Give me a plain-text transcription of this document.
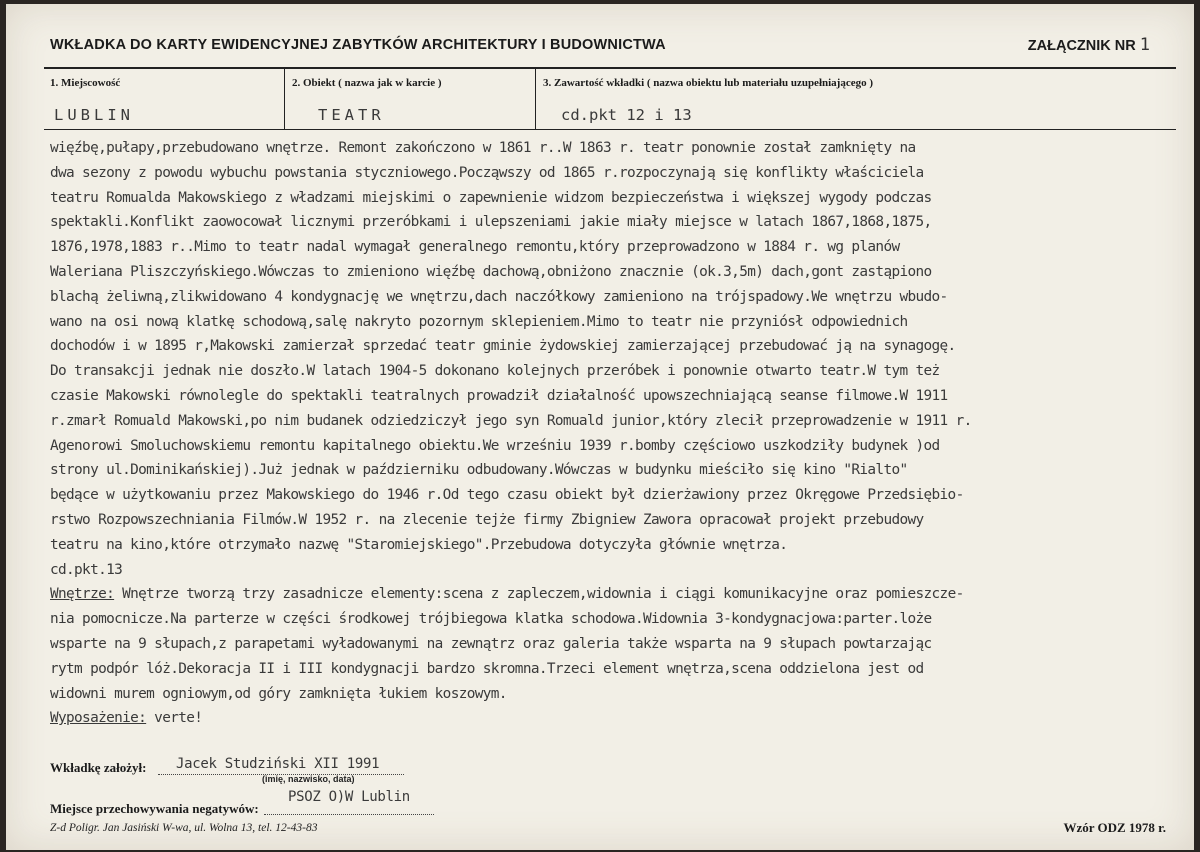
WKŁADKA DO KARTY EWIDENCYJNEJ ZABYTKÓW ARCHITEKTURY I BUDOWNICTWA	ZAŁĄCZNIK NR 1
1. Miejscowość	2. Obiekt ( nazwa jak w karcie )	3. Zawartość wkładki ( nazwa obiektu lub materiału uzupełniającego )
LUBLIN	TEATR	cd.pkt 12 i 13
więźbę,pułapy,przebudowano wnętrze. Remont zakończono w 1861 r..W 1863 r. teatr ponownie został zamknięty na
dwa sezony z powodu wybuchu powstania styczniowego.Począwszy od 1865 r.rozpoczynają się konflikty właściciela
teatru Romualda Makowskiego z władzami miejskimi o zapewnienie widzom bezpieczeństwa i większej wygody podczas
spektakli.Konflikt zaowocował licznymi przeróbkami i ulepszeniami jakie miały miejsce w latach 1867,1868,1875,
1876,1978,1883 r..Mimo to teatr nadal wymagał generalnego remontu,który przeprowadzono w 1884 r. wg planów
Waleriana Pliszczyńskiego.Wówczas to zmieniono więźbę dachową,obniżono znacznie (ok.3,5m) dach,gont zastąpiono
blachą żeliwną,zlikwidowano 4 kondygnację we wnętrzu,dach naczółkowy zamieniono na trójspadowy.We wnętrzu wbudo-
wano na osi nową klatkę schodową,salę nakryto pozornym sklepieniem.Mimo to teatr nie przyniósł odpowiednich
dochodów i w 1895 r,Makowski zamierzał sprzedać teatr gminie żydowskiej zamierzającej przebudować ją na synagogę.
Do transakcji jednak nie doszło.W latach 1904-5 dokonano kolejnych przeróbek i ponownie otwarto teatr.W tym też
czasie Makowski równolegle do spektakli teatralnych prowadził działalność upowszechniającą seanse filmowe.W 1911
r.zmarł Romuald Makowski,po nim budanek odziedziczył jego syn Romuald junior,który zlecił przeprowadzenie w 1911 r.
Agenorowi Smoluchowskiemu remontu kapitalnego obiektu.We wrześniu 1939 r.bomby częściowo uszkodziły budynek )od
strony ul.Dominikańskiej).Już jednak w październiku odbudowany.Wówczas w budynku mieściło się kino "Rialto"
będące w użytkowaniu przez Makowskiego do 1946 r.Od tego czasu obiekt był dzierżawiony przez Okręgowe Przedsiębio-
rstwo Rozpowszechniania Filmów.W 1952 r. na zlecenie tejże firmy Zbigniew Zawora opracował projekt przebudowy
teatru na kino,które otrzymało nazwę "Staromiejskiego".Przebudowa dotyczyła głównie wnętrza.
cd.pkt.13
Wnętrze: Wnętrze tworzą trzy zasadnicze elementy:scena z zapleczem,widownia i ciągi komunikacyjne oraz pomieszcze-
nia pomocnicze.Na parterze w części środkowej trójbiegowa klatka schodowa.Widownia 3-kondygnacjowa:parter.loże
wsparte na 9 słupach,z parapetami wyładowanymi na zewnątrz oraz galeria także wsparta na 9 słupach powtarzając
rytm podpór lóż.Dekoracja II i III kondygnacji bardzo skromna.Trzeci element wnętrza,scena oddzielona jest od
widowni murem ogniowym,od góry zamknięta łukiem koszowym.
Wyposażenie: verte!
Wkładkę założył: Jacek Studziński XII 1991
(imię, nazwisko, data)
Miejsce przechowywania negatywów:
PSOZ O)W Lublin
Z-d Poligr. Jan Jasiński W-wa, ul. Wolna 13, tel. 12-43-83	Wzór ODZ 1978 r.
